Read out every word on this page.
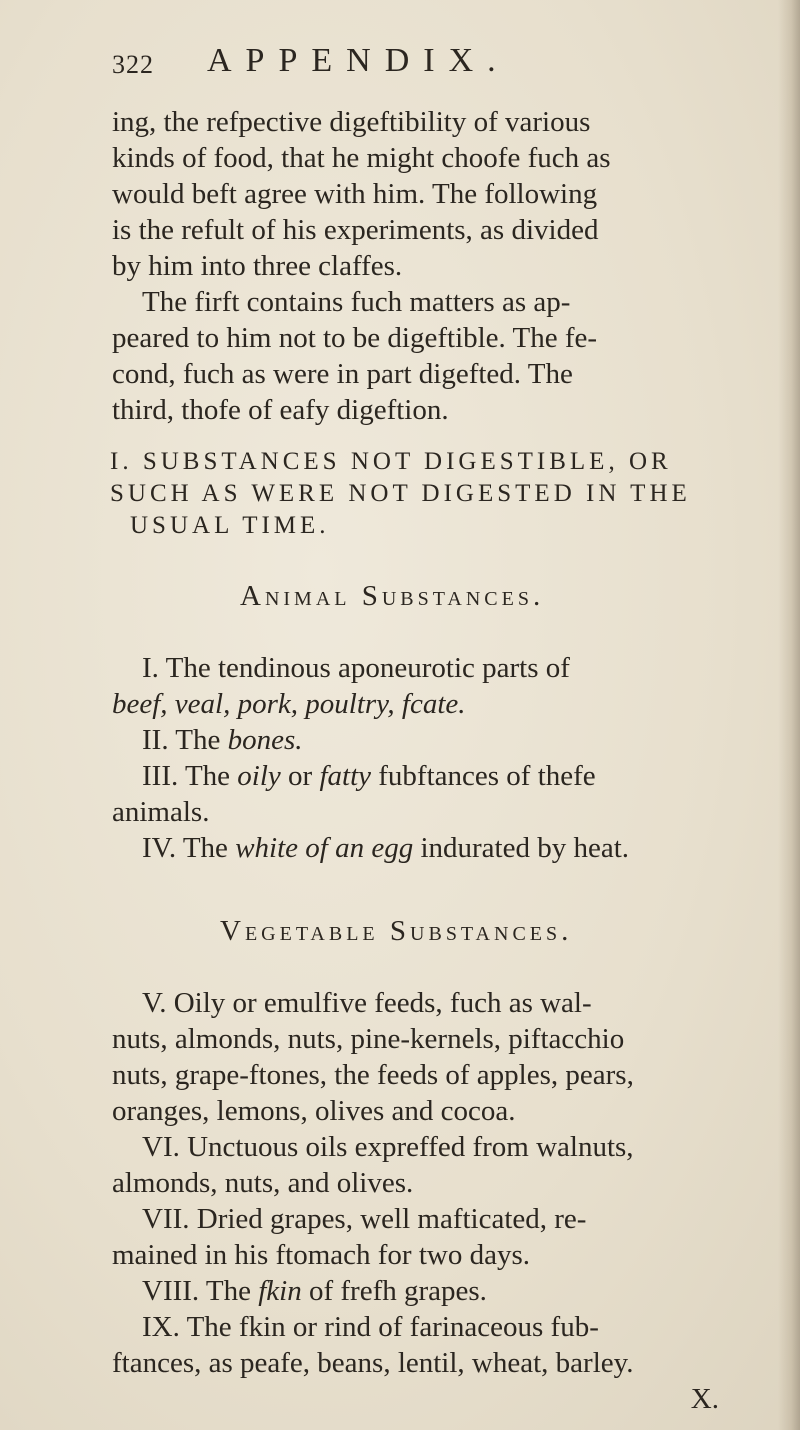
322 APPENDIX.
ing, the refpective digeftibility of various
kinds of food, that he might choofe fuch as
would beft agree with him. The following
is the refult of his experiments, as divided
by him into three claffes.
The firft contains fuch matters as ap-
peared to him not to be digeftible. The fe-
cond, fuch as were in part digefted. The
third, thofe of eafy digeftion.
I. SUBSTANCES NOT DIGESTIBLE, OR
SUCH AS WERE NOT DIGESTED IN THE
USUAL TIME.
Animal Substances.
I. The tendinous aponeurotic parts of
beef, veal, pork, poultry, fcate.
II. The bones.
III. The oily or fatty fubftances of thefe
animals.
IV. The white of an egg indurated by heat.
Vegetable Substances.
V. Oily or emulfive feeds, fuch as wal-
nuts, almonds, nuts, pine-kernels, piftacchio
nuts, grape-ftones, the feeds of apples, pears,
oranges, lemons, olives and cocoa.
VI. Unctuous oils expreffed from walnuts,
almonds, nuts, and olives.
VII. Dried grapes, well mafticated, re-
mained in his ftomach for two days.
VIII. The fkin of frefh grapes.
IX. The fkin or rind of farinaceous fub-
ftances, as peafe, beans, lentil, wheat, barley.
X.
